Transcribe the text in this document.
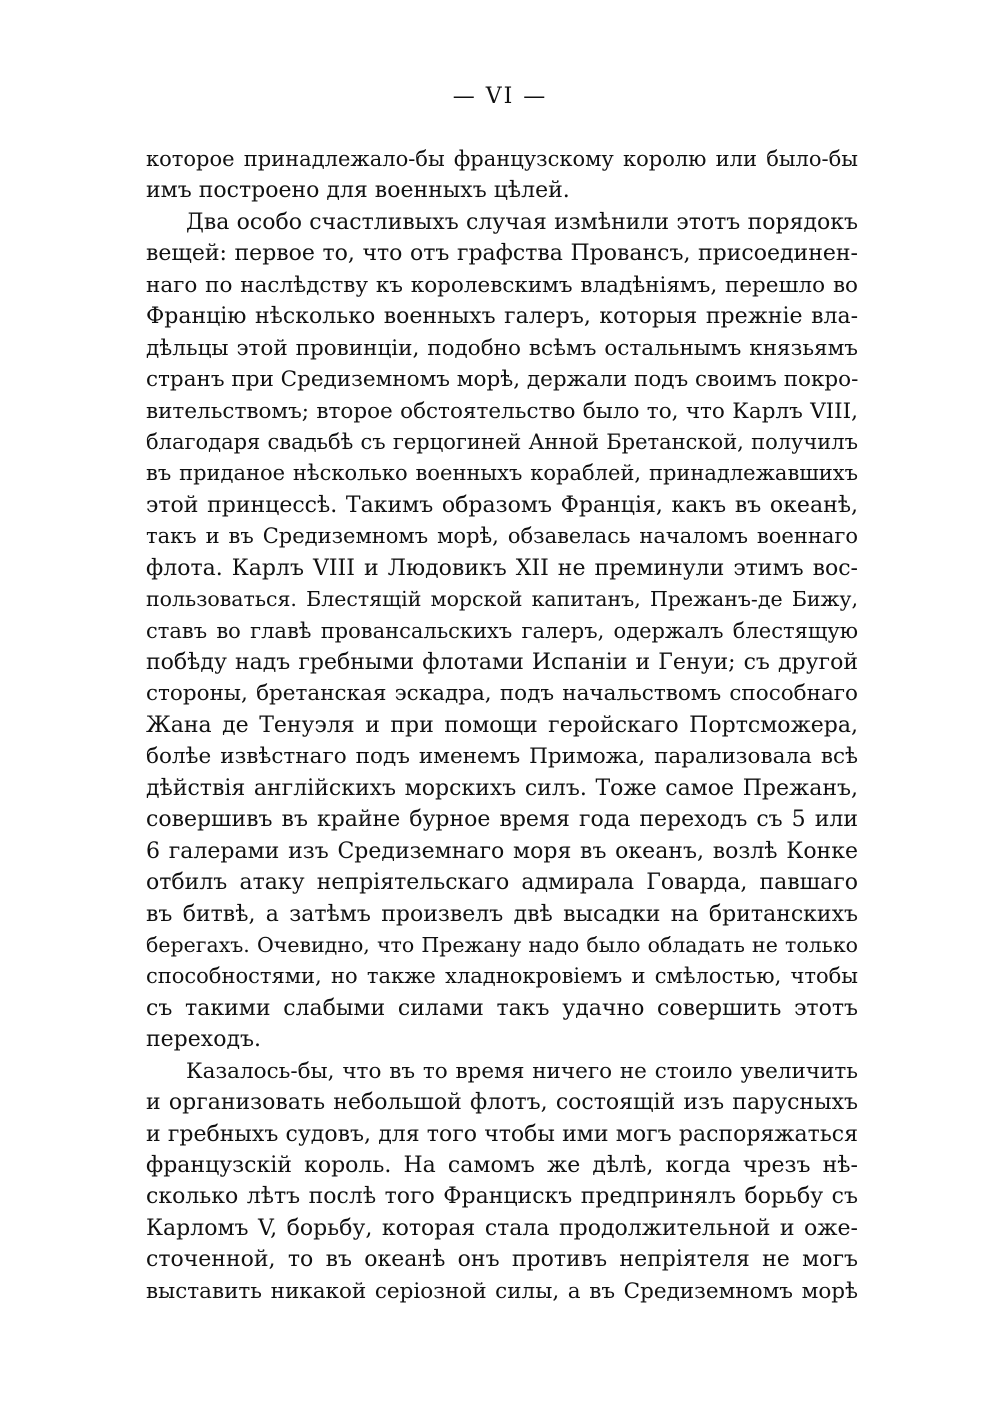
— VI —
которое принадлежало-бы французскому королю или было-бы
имъ построено для военныхъ цѣлей.
Два особо счастливыхъ случая измѣнили этотъ порядокъ
вещей: первое то, что отъ графства Провансъ, присоединен-
наго по наслѣдству къ королевскимъ владѣніямъ, перешло во
Францію нѣсколько военныхъ галеръ, которыя прежніе вла-
дѣльцы этой провинціи, подобно всѣмъ остальнымъ князьямъ
странъ при Средиземномъ морѣ, держали подъ своимъ покро-
вительствомъ; второе обстоятельство было то, что Карлъ VIII,
благодаря свадьбѣ съ герцогиней Анной Бретанской, получилъ
въ приданое нѣсколько военныхъ кораблей, принадлежавшихъ
этой принцессѣ. Такимъ образомъ Францiя, какъ въ океанѣ,
такъ и въ Средиземномъ морѣ, обзавелась началомъ военнаго
флота. Карлъ VIII и Людовикъ XII не преминули этимъ вос-
пользоваться. Блестящій морской капитанъ, Прежанъ-де Бижу,
ставъ во главѣ провансальскихъ галеръ, одержалъ блестящую
побѣду надъ гребными флотами Испаніи и Генуи; съ другой
стороны, бретанская эскадра, подъ начальствомъ способнаго
Жана де Тенуэля и при помощи геройскаго Портсможера,
болѣе извѣстнаго подъ именемъ Приможа, парализовала всѣ
дѣйствія англійскихъ морскихъ силъ. Тоже самое Прежанъ,
совершивъ въ крайне бурное время года переходъ съ 5 или
6 галерами изъ Средиземнаго моря въ океанъ, возлѣ Конке
отбилъ атаку непріятельскаго адмирала Говарда, павшаго
въ битвѣ, а затѣмъ произвелъ двѣ высадки на британскихъ
берегахъ. Очевидно, что Прежану надо было обладать не только
способностями, но также хладнокровіемъ и смѣлостью, чтобы
съ такими слабыми силами такъ удачно совершить этотъ
переходъ.
Казалось-бы, что въ то время ничего не стоило увеличить
и организовать небольшой флотъ, состоящій изъ парусныхъ
и гребныхъ судовъ, для того чтобы ими могъ распоряжаться
французскій король. На самомъ же дѣлѣ, когда чрезъ нѣ-
сколько лѣтъ послѣ того Францискъ предпринялъ борьбу съ
Карломъ V, борьбу, которая стала продолжительной и оже-
сточенной, то въ океанѣ онъ противъ непріятеля не могъ
выставить никакой серіозной силы, а въ Средиземномъ морѣ
